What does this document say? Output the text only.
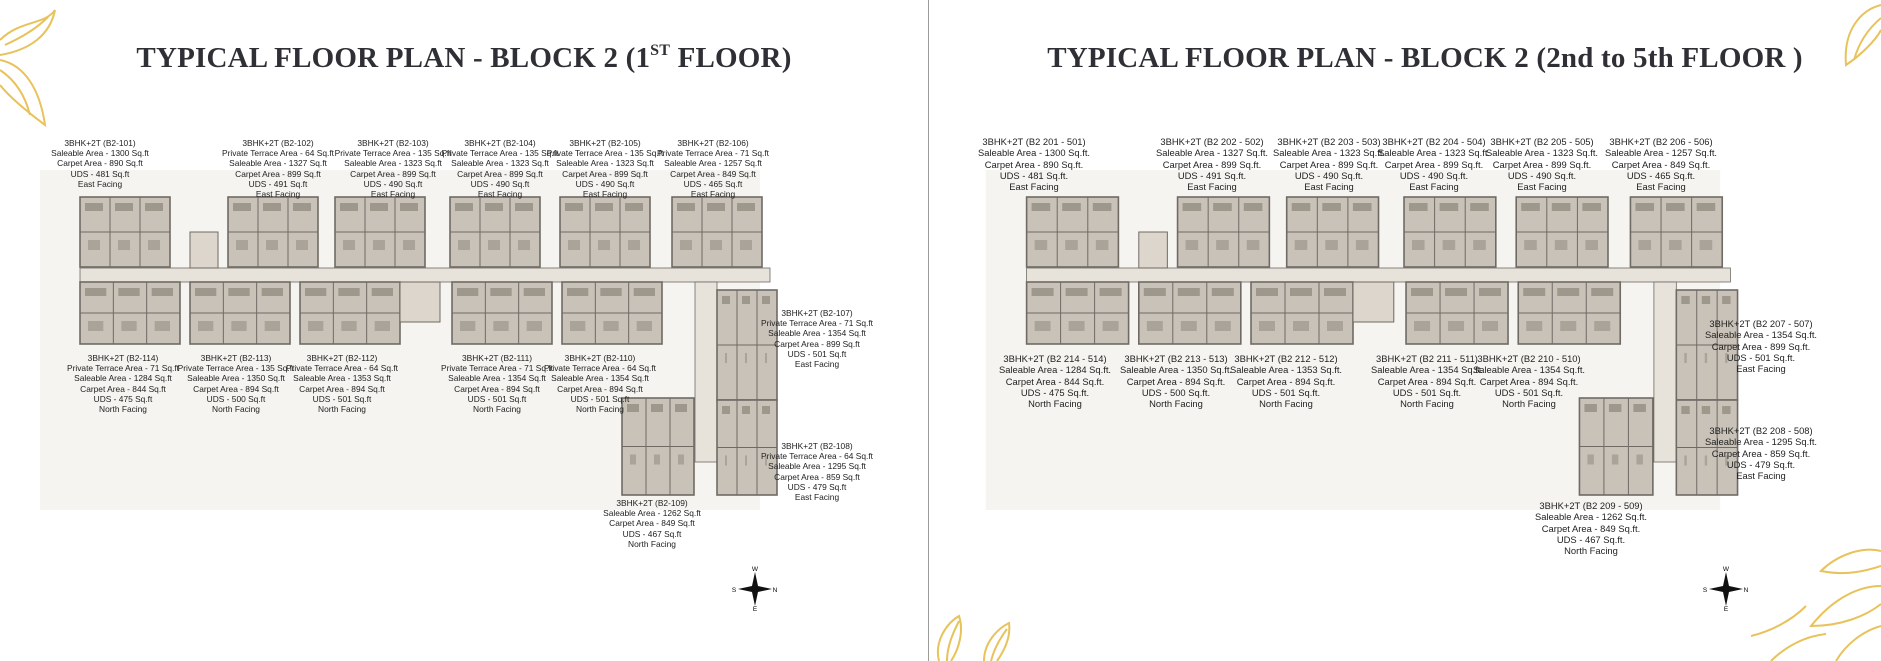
TYPICAL FLOOR PLAN - BLOCK 2 (1ST FLOOR)
3BHK+2T (B2-101)
Saleable Area - 1300 Sq.ft
Carpet Area - 890 Sq.ft
UDS - 481 Sq.ft
East Facing
3BHK+2T (B2-102)
Private Terrace Area - 64 Sq.ft
Saleable Area - 1327 Sq.ft
Carpet Area - 899 Sq.ft
UDS - 491 Sq.ft
East Facing
3BHK+2T (B2-103)
Private Terrace Area - 135 Sq.ft
Saleable Area - 1323 Sq.ft
Carpet Area - 899 Sq.ft
UDS - 490 Sq.ft
East Facing
3BHK+2T (B2-104)
Private Terrace Area - 135 Sq.ft
Saleable Area - 1323 Sq.ft
Carpet Area - 899 Sq.ft
UDS - 490 Sq.ft
East Facing
3BHK+2T (B2-105)
Private Terrace Area - 135 Sq.ft
Saleable Area - 1323 Sq.ft
Carpet Area - 899 Sq.ft
UDS - 490 Sq.ft
East Facing
3BHK+2T (B2-106)
Private Terrace Area - 71 Sq.ft
Saleable Area - 1257 Sq.ft
Carpet Area - 849 Sq.ft
UDS - 465 Sq.ft
East Facing
3BHK+2T (B2-107)
Private Terrace Area - 71 Sq.ft
Saleable Area - 1354 Sq.ft
Carpet Area - 899 Sq.ft
UDS - 501 Sq.ft
East Facing
3BHK+2T (B2-108)
Private Terrace Area - 64 Sq.ft
Saleable Area - 1295 Sq.ft
Carpet Area - 859 Sq.ft
UDS - 479 Sq.ft
East Facing
3BHK+2T (B2-109)
Saleable Area - 1262 Sq.ft
Carpet Area - 849 Sq.ft
UDS - 467 Sq.ft
North Facing
3BHK+2T (B2-110)
Private Terrace Area - 64 Sq.ft
Saleable Area - 1354 Sq.ft
Carpet Area - 894 Sq.ft
UDS - 501 Sq.ft
North Facing
3BHK+2T (B2-111)
Private Terrace Area - 71 Sq.ft
Saleable Area - 1354 Sq.ft
Carpet Area - 894 Sq.ft
UDS - 501 Sq.ft
North Facing
3BHK+2T (B2-112)
Private Terrace Area - 64 Sq.ft
Saleable Area - 1353 Sq.ft
Carpet Area - 894 Sq.ft
UDS - 501 Sq.ft
North Facing
3BHK+2T (B2-113)
Private Terrace Area - 135 Sq.ft
Saleable Area - 1350 Sq.ft
Carpet Area - 894 Sq.ft
UDS - 500 Sq.ft
North Facing
3BHK+2T (B2-114)
Private Terrace Area - 71 Sq.ft
Saleable Area - 1284 Sq.ft
Carpet Area - 844 Sq.ft
UDS - 475 Sq.ft
North Facing
W
N
E
S
TYPICAL FLOOR PLAN - BLOCK 2 (2nd to 5th FLOOR )
3BHK+2T (B2 201 - 501)
Saleable Area - 1300 Sq.ft.
Carpet Area - 890 Sq.ft.
UDS - 481 Sq.ft.
East Facing
3BHK+2T (B2 202 - 502)
Saleable Area - 1327 Sq.ft.
Carpet Area - 899 Sq.ft.
UDS - 491 Sq.ft.
East Facing
3BHK+2T (B2 203 - 503)
Saleable Area - 1323 Sq.ft.
Carpet Area - 899 Sq.ft.
UDS - 490 Sq.ft.
East Facing
3BHK+2T (B2 204 - 504)
Saleable Area - 1323 Sq.ft.
Carpet Area - 899 Sq.ft.
UDS - 490 Sq.ft.
East Facing
3BHK+2T (B2 205 - 505)
Saleable Area - 1323 Sq.ft.
Carpet Area - 899 Sq.ft.
UDS - 490 Sq.ft.
East Facing
3BHK+2T (B2 206 - 506)
Saleable Area - 1257 Sq.ft.
Carpet Area - 849 Sq.ft.
UDS - 465 Sq.ft.
East Facing
3BHK+2T (B2 207 - 507)
Saleable Area - 1354 Sq.ft.
Carpet Area - 899 Sq.ft.
UDS - 501 Sq.ft.
East Facing
3BHK+2T (B2 208 - 508)
Saleable Area - 1295 Sq.ft.
Carpet Area - 859 Sq.ft.
UDS - 479 Sq.ft.
East Facing
3BHK+2T (B2 209 - 509)
Saleable Area - 1262 Sq.ft.
Carpet Area - 849 Sq.ft.
UDS - 467 Sq.ft.
North Facing
3BHK+2T (B2 210 - 510)
Saleable Area - 1354 Sq.ft.
Carpet Area - 894 Sq.ft.
UDS - 501 Sq.ft.
North Facing
3BHK+2T (B2 211 - 511)
Saleable Area - 1354 Sq.ft.
Carpet Area - 894 Sq.ft.
UDS - 501 Sq.ft.
North Facing
3BHK+2T (B2 212 - 512)
Saleable Area - 1353 Sq.ft.
Carpet Area - 894 Sq.ft.
UDS - 501 Sq.ft.
North Facing
3BHK+2T (B2 213 - 513)
Saleable Area - 1350 Sq.ft.
Carpet Area - 894 Sq.ft.
UDS - 500 Sq.ft.
North Facing
3BHK+2T (B2 214 - 514)
Saleable Area - 1284 Sq.ft.
Carpet Area - 844 Sq.ft.
UDS - 475 Sq.ft.
North Facing
W
N
E
S
